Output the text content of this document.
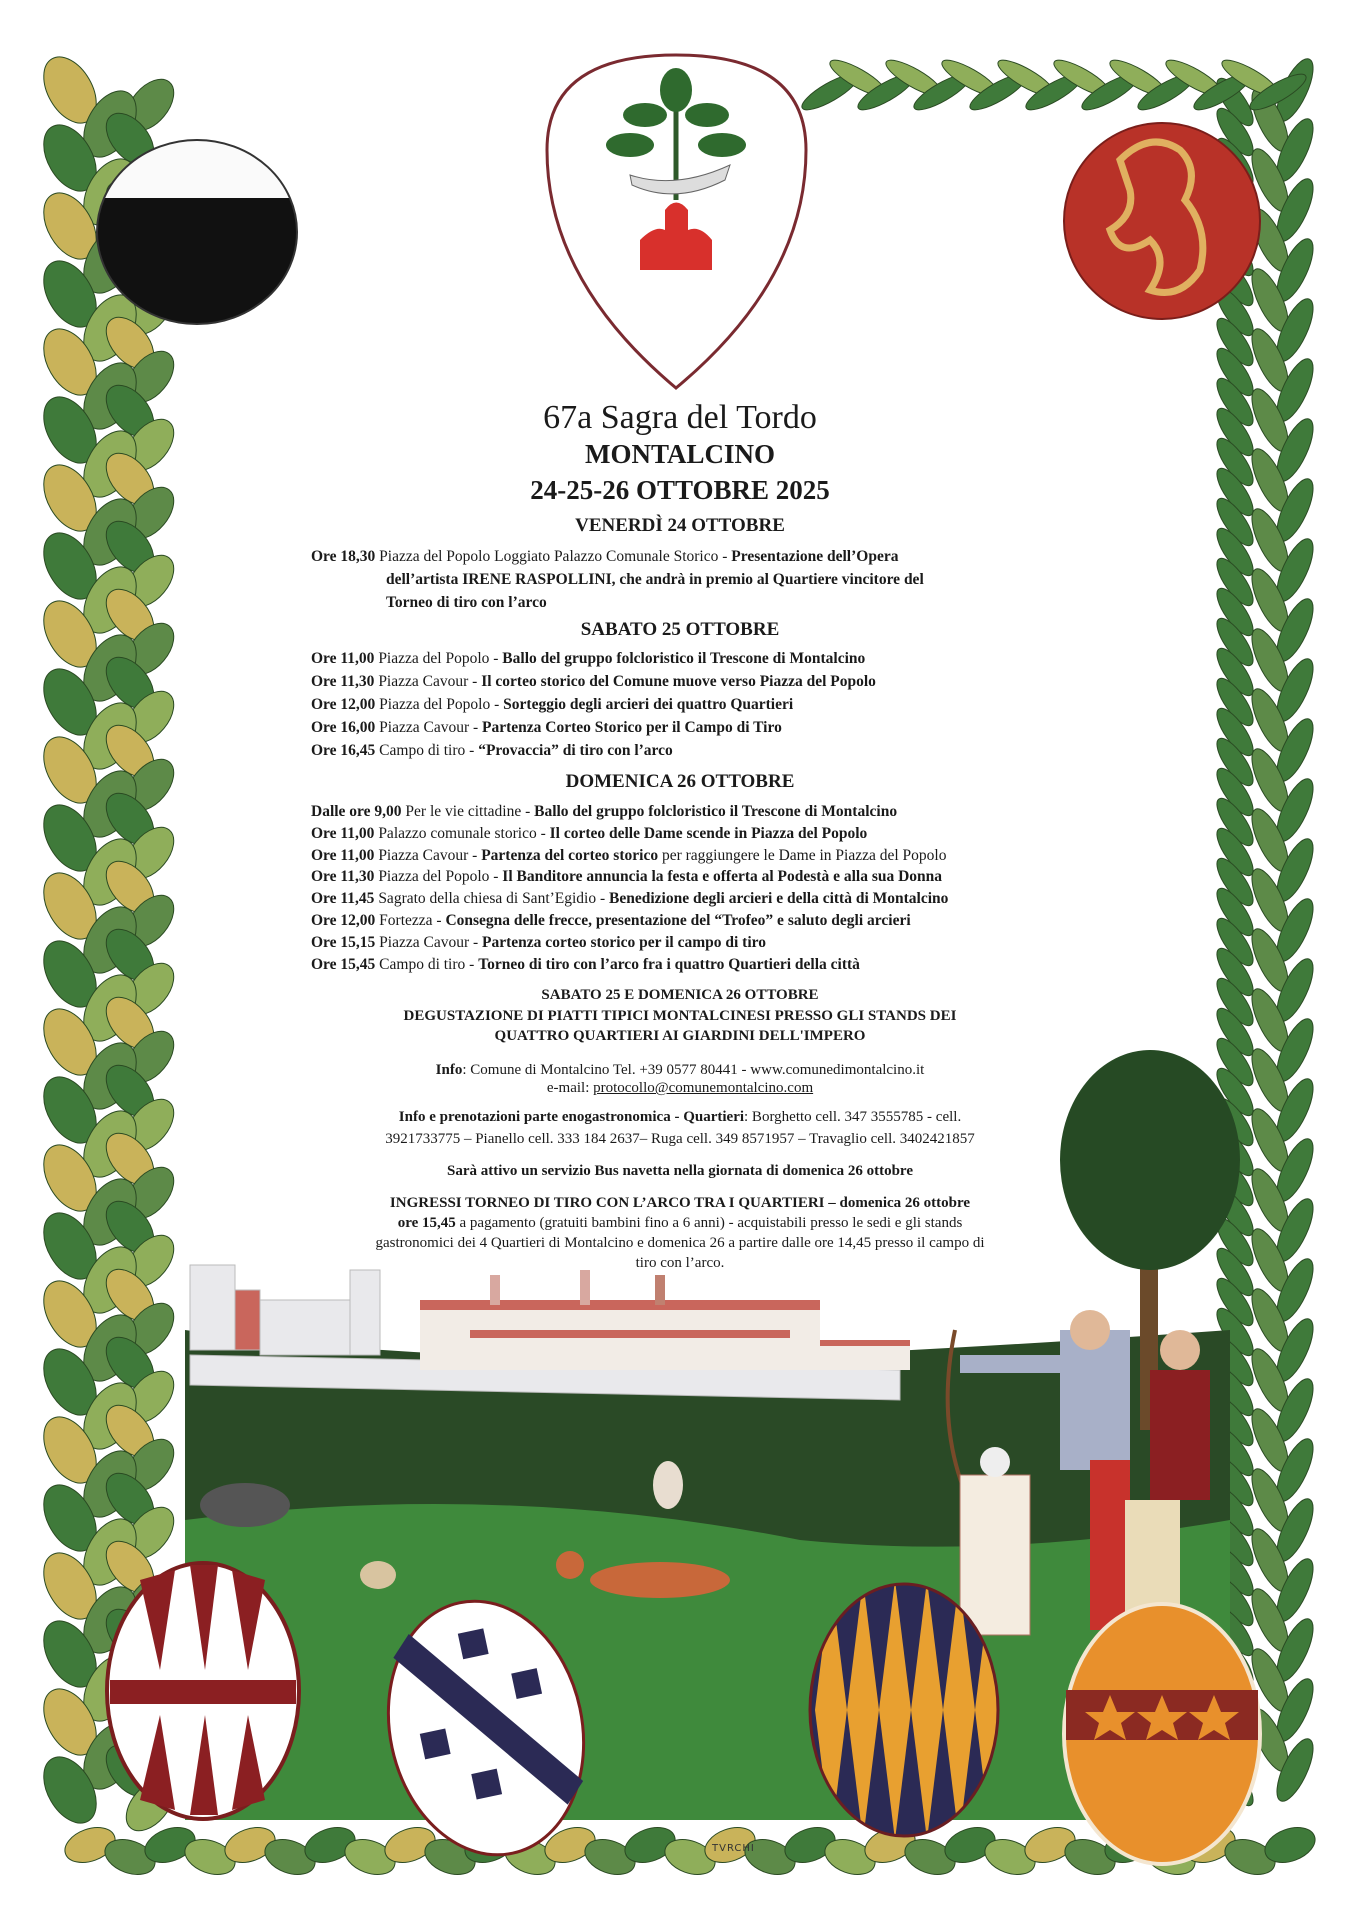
67a Sagra del Tordo
MONTALCINO
24-25-26 OTTOBRE 2025
VENERDÌ 24 OTTOBRE
Ore 18,30 Piazza del Popolo Loggiato Palazzo Comunale Storico - Presentazione dell’Opera
dell’artista IRENE RASPOLLINI, che andrà in premio al Quartiere vincitore del
Torneo di tiro con l’arco
SABATO 25 OTTOBRE
Ore 11,00 Piazza del Popolo - Ballo del gruppo folcloristico il Trescone di Montalcino
Ore 11,30 Piazza Cavour - Il corteo storico del Comune muove verso Piazza del Popolo
Ore 12,00 Piazza del Popolo - Sorteggio degli arcieri dei quattro Quartieri
Ore 16,00 Piazza Cavour - Partenza Corteo Storico per il Campo di Tiro
Ore 16,45 Campo di tiro - “Provaccia” di tiro con l’arco
DOMENICA 26 OTTOBRE
Dalle ore 9,00 Per le vie cittadine - Ballo del gruppo folcloristico il Trescone di Montalcino
Ore 11,00 Palazzo comunale storico - Il corteo delle Dame scende in Piazza del Popolo
Ore 11,00 Piazza Cavour - Partenza del corteo storico per raggiungere le Dame in Piazza del Popolo
Ore 11,30 Piazza del Popolo - Il Banditore annuncia la festa e offerta al Podestà e alla sua Donna
Ore 11,45 Sagrato della chiesa di Sant’Egidio - Benedizione degli arcieri e della città di Montalcino
Ore 12,00 Fortezza - Consegna delle frecce, presentazione del “Trofeo” e saluto degli arcieri
Ore 15,15 Piazza Cavour - Partenza corteo storico per il campo di tiro
Ore 15,45 Campo di tiro - Torneo di tiro con l’arco fra i quattro Quartieri della città
SABATO 25 E DOMENICA 26 OTTOBRE
DEGUSTAZIONE DI PIATTI TIPICI MONTALCINESI PRESSO GLI STANDS DEI
QUATTRO QUARTIERI AI GIARDINI DELL'IMPERO
Info: Comune di Montalcino Tel. +39 0577 80441 - www.comunedimontalcino.it
e-mail: protocollo@comunemontalcino.com
Info e prenotazioni parte enogastronomica - Quartieri: Borghetto cell. 347 3555785 - cell.
3921733775 – Pianello cell. 333 184 2637– Ruga cell. 349 8571957 – Travaglio cell. 3402421857
Sarà attivo un servizio Bus navetta nella giornata di domenica 26 ottobre
INGRESSI TORNEO DI TIRO CON L’ARCO TRA I QUARTIERI – domenica 26 ottobre
ore 15,45 a pagamento (gratuiti bambini fino a 6 anni) - acquistabili presso le sedi e gli stands
gastronomici dei 4 Quartieri di Montalcino e domenica 26 a partire dalle ore 14,45 presso il campo di
tiro con l’arco.
TVRCHI
